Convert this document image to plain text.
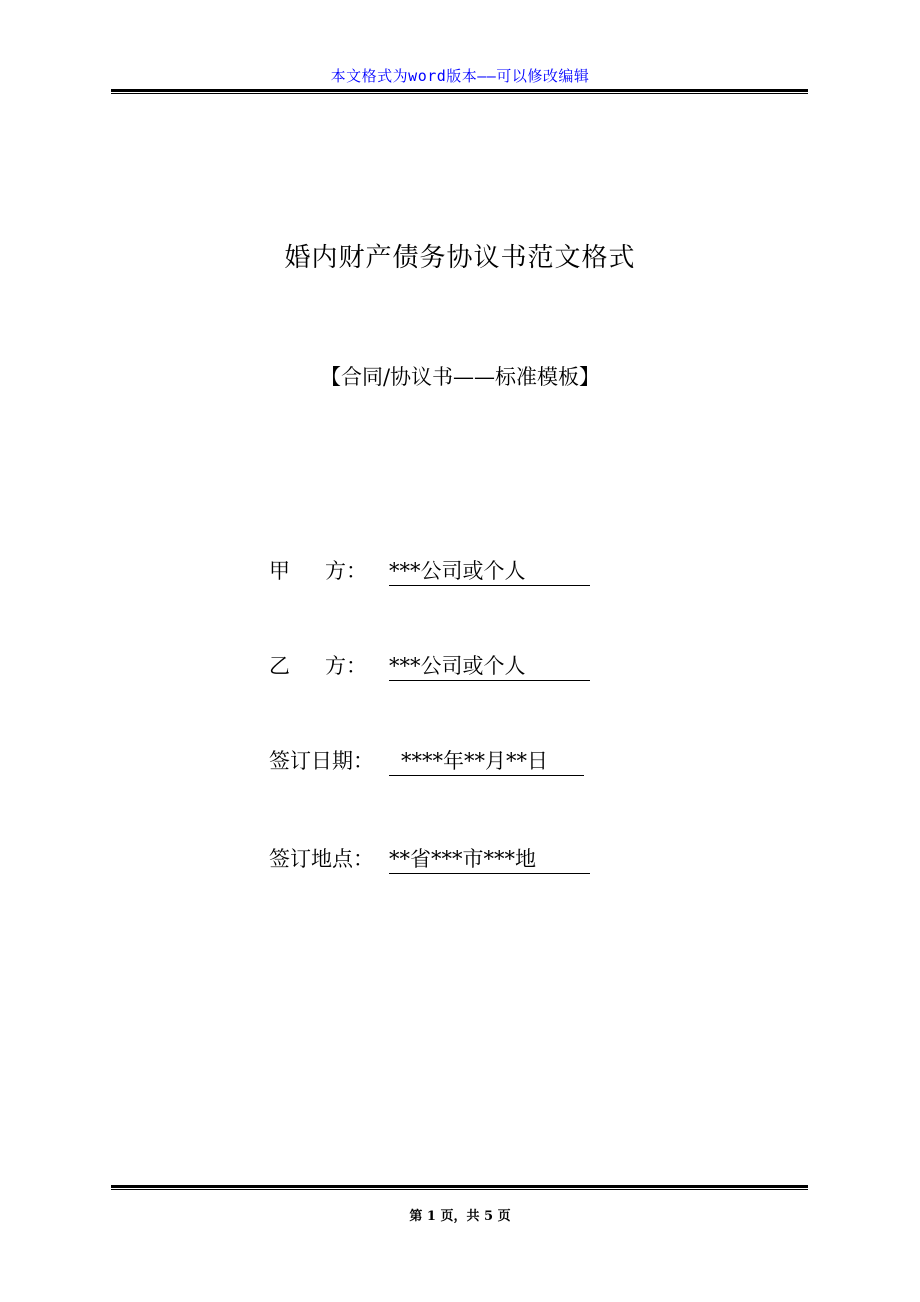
本文格式为word版本——可以修改编辑
婚内财产债务协议书范文格式
【合同/协议书——标准模板】
甲 方： ***公司或个人
乙 方： ***公司或个人
签订日期：	****年**月**日
签订地点： **省***市***地
第 1 页，共 5 页
